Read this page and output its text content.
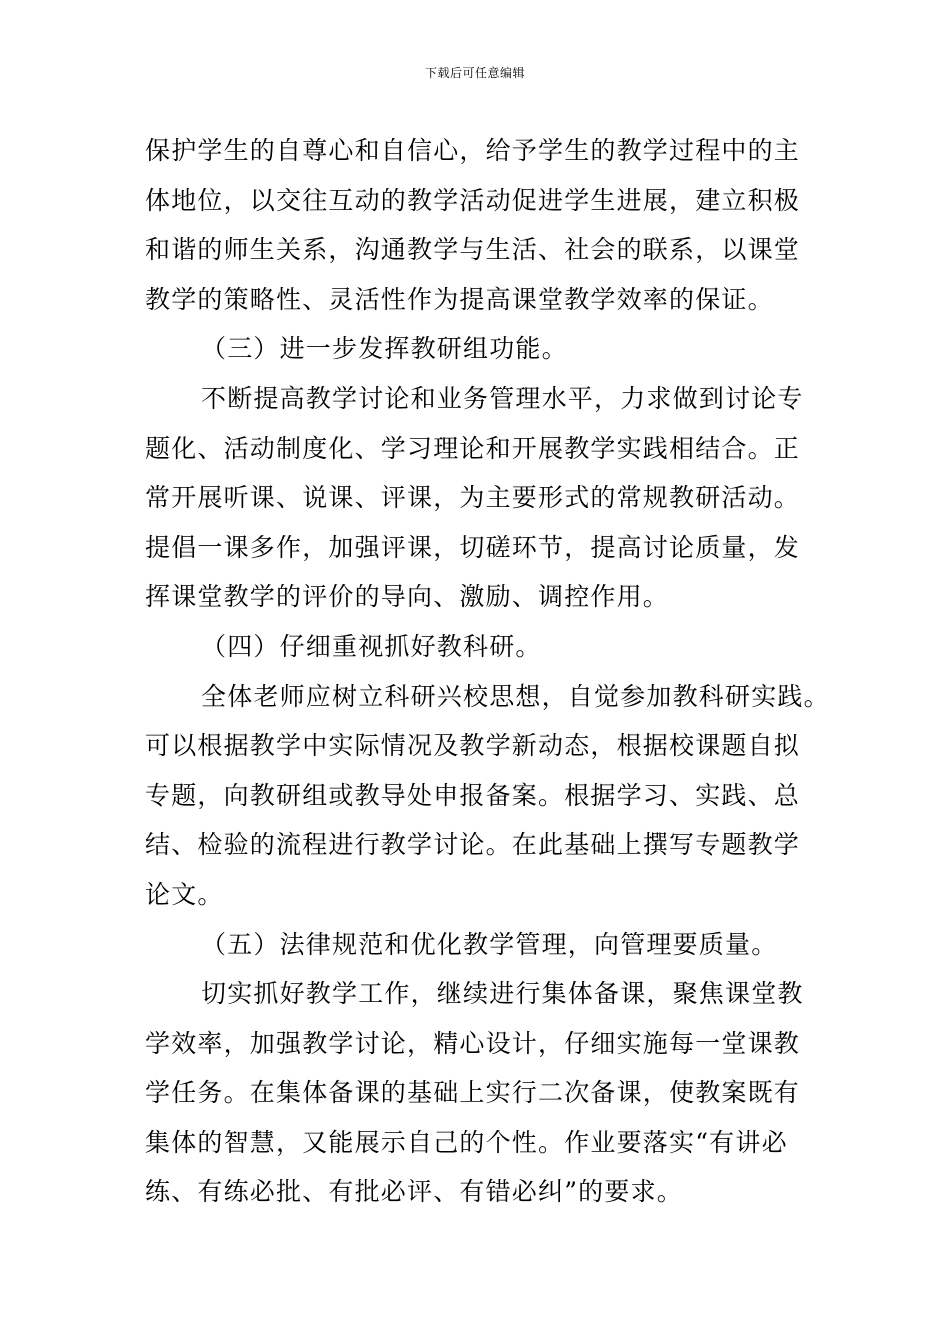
下载后可任意编辑
保护学生的自尊心和自信心，给予学生的教学过程中的主
体地位，以交往互动的教学活动促进学生进展，建立积极
和谐的师生关系，沟通教学与生活、社会的联系，以课堂
教学的策略性、灵活性作为提高课堂教学效率的保证。
（三）进一步发挥教研组功能。
不断提高教学讨论和业务管理水平，力求做到讨论专
题化、活动制度化、学习理论和开展教学实践相结合。正
常开展听课、说课、评课，为主要形式的常规教研活动。
提倡一课多作，加强评课，切磋环节，提高讨论质量，发
挥课堂教学的评价的导向、激励、调控作用。
（四）仔细重视抓好教科研。
全体老师应树立科研兴校思想，自觉参加教科研实践。
可以根据教学中实际情况及教学新动态，根据校课题自拟
专题，向教研组或教导处申报备案。根据学习、实践、总
结、检验的流程进行教学讨论。在此基础上撰写专题教学
论文。
（五）法律规范和优化教学管理，向管理要质量。
切实抓好教学工作，继续进行集体备课，聚焦课堂教
学效率，加强教学讨论，精心设计，仔细实施每一堂课教
学任务。在集体备课的基础上实行二次备课，使教案既有
集体的智慧，又能展示自己的个性。作业要落实“有讲必
练、有练必批、有批必评、有错必纠”的要求。
